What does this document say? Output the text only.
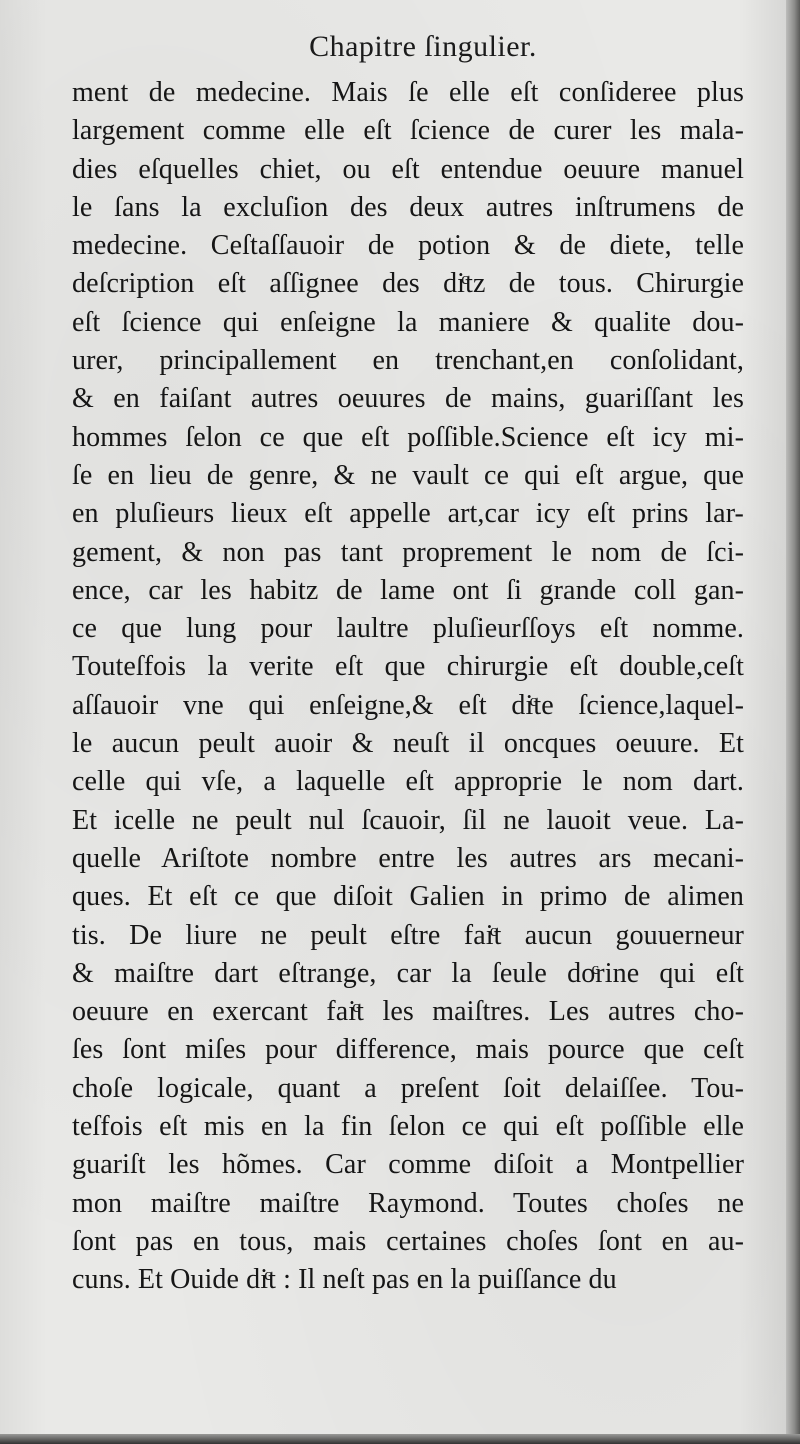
Chapitre ſingulier.
ment de medecine. Mais ſe elle eſt conſideree plus
largement comme elle eſt ſcience de curer les mala-
dies eſquelles chiet, ou eſt entendue oeuure manuel
le ſans la excluſion des deux autres inſtrumens de
medecine. Ceſtaſſauoir de potion & de diete, telle
deſcription eſt aſſignee des diͨtz de tous. Chirurgie
eſt ſcience qui enſeigne la maniere & qualite dou-
urer, principallement en trenchant,en conſolidant,
& en faiſant autres oeuures de mains, guariſſant les
hommes ſelon ce que eſt poſſible.Science eſt icy mi-
ſe en lieu de genre, & ne vault ce qui eſt argue, que
en pluſieurs lieux eſt appelle art,car icy eſt prins lar-
gement, & non pas tant proprement le nom de ſci-
ence, car les habitz de lame ont ſi grande coll gan-
ce que lung pour laultre pluſieurſſoys eſt nomme.
Touteſfois la verite eſt que chirurgie eſt double,ceſt
aſſauoir vne qui enſeigne,& eſt diͨte ſcience,laquel-
le aucun peult auoir & neuſt il oncques oeuure. Et
celle qui vſe, a laquelle eſt approprie le nom dart.
Et icelle ne peult nul ſcauoir, ſil ne lauoit veue. La-
quelle Ariſtote nombre entre les autres ars mecani-
ques. Et eſt ce que diſoit Galien in primo de alimen
tis. De liure ne peult eſtre faiͨt aucun gouuerneur
& maiſtre dart eſtrange, car la ſeule doͨrine qui eſt
oeuure en exercant faiͨt les maiſtres. Les autres cho-
ſes ſont miſes pour difference, mais pource que ceſt
choſe logicale, quant a preſent ſoit delaiſſee. Tou-
teſfois eſt mis en la fin ſelon ce qui eſt poſſible elle
guariſt les hõmes. Car comme diſoit a Montpellier
mon maiſtre maiſtre Raymond. Toutes choſes ne
ſont pas en tous, mais certaines choſes ſont en au-
cuns. Et Ouide diͨt : Il neſt pas en la puiſſance du
